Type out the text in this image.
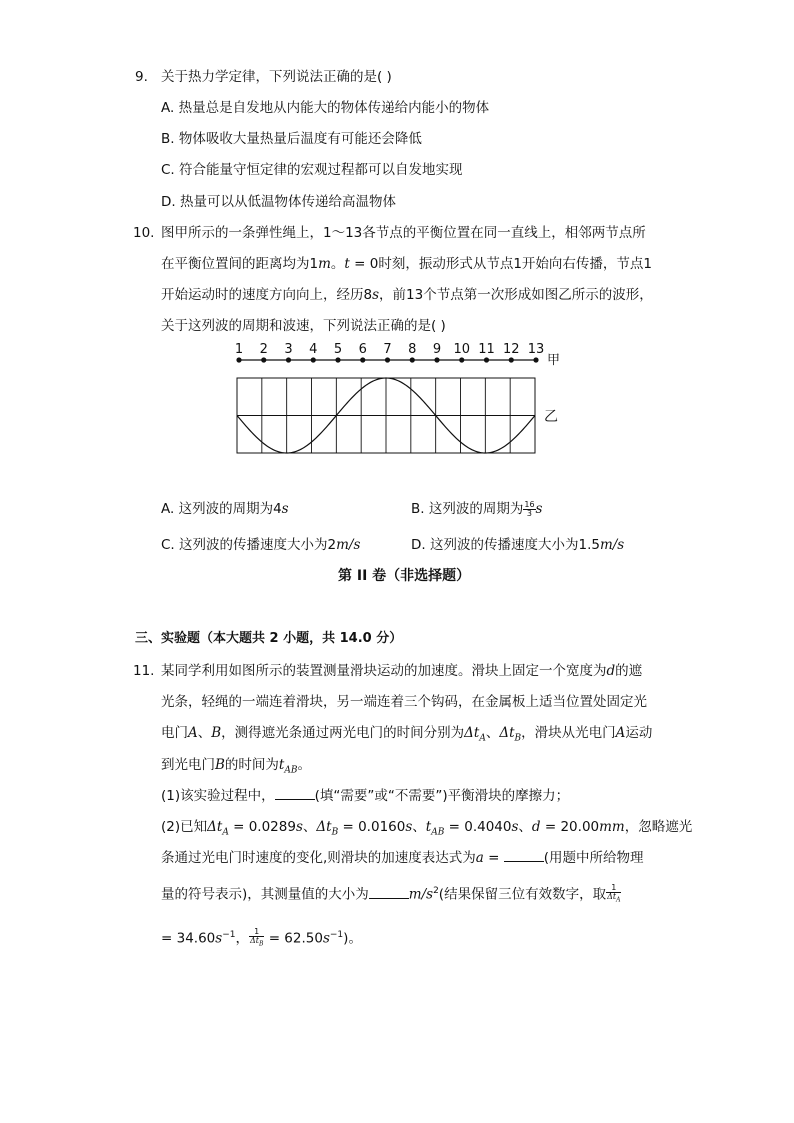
9. 关于热力学定律，下列说法正确的是( )
A. 热量总是自发地从内能大的物体传递给内能小的物体
B. 物体吸收大量热量后温度有可能还会降低
C. 符合能量守恒定律的宏观过程都可以自发地实现
D. 热量可以从低温物体传递给高温物体
10. 图甲所示的一条弹性绳上，1～13各节点的平衡位置在同一直线上，相邻两节点所
在平衡位置间的距离均为1m。t = 0时刻，振动形式从节点1开始向右传播，节点1
开始运动时的速度方向向上，经历8s，前13个节点第一次形成如图乙所示的波形，
关于这列波的周期和波速，下列说法正确的是( )
1 2 3 4 5 6 7 8 9 10 11 12 13
甲
乙
A. 这列波的周期为4s	B. 这列波的周期为 $\frac{16}{3}$ s
C. 这列波的传播速度大小为2m/s	D. 这列波的传播速度大小为1.5m/s
第 II 卷（非选择题）
三、实验题（本大题共 2 小题，共 14.0 分）
11. 某同学利用如图所示的装置测量滑块运动的加速度。滑块上固定一个宽度为d的遮
光条，轻绳的一端连着滑块，另一端连着三个钩码，在金属板上适当位置处固定光
电门A、B，测得遮光条通过两光电门的时间分别为$\Delta t_A$、$\Delta t_B$，滑块从光电门A运动
到光电门B的时间为$t_{AB}$。
(1)该实验过程中，	(填“需要”或“不需要”)平衡滑块的摩擦力；
(2)已知$\Delta t_A = 0.0289s$、$\Delta t_B = 0.0160s$、$t_{AB} = 0.4040s$、d = 20.00mm，忽略遮光
条通过光电门时速度的变化,则滑块的加速度表达式为a =	(用题中所给物理
量的符号表示)，其测量值的大小为	$m/s^2$(结果保留三位有效数字，取 $\frac{1}{\Delta t_A}$
= $34.60s^{-1}$， $\frac{1}{\Delta t_B} = 62.50s^{-1}$)。
